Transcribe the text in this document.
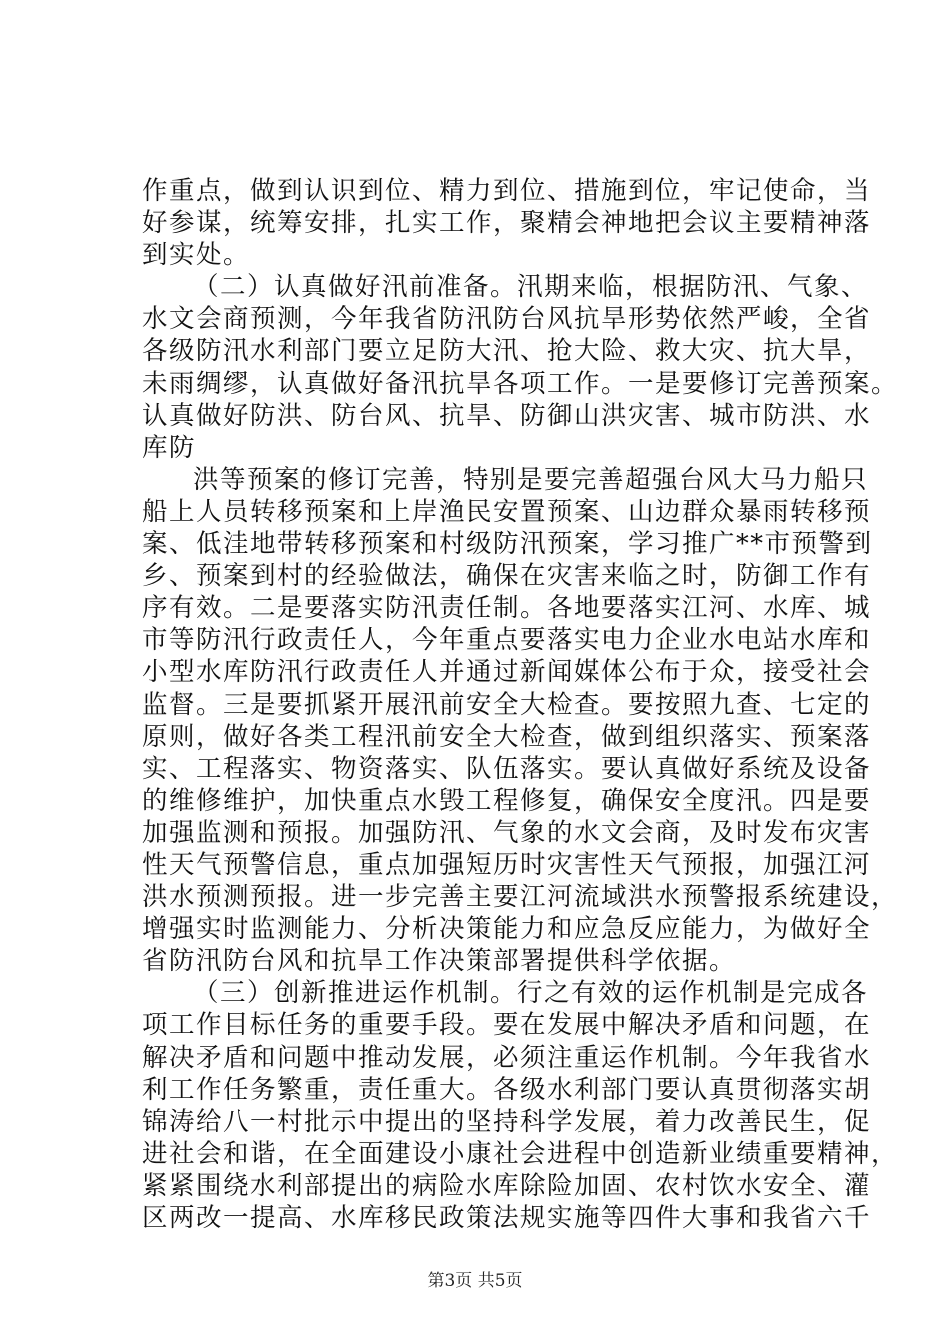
作重点，做到认识到位、精力到位、措施到位，牢记使命，当
好参谋，统筹安排，扎实工作，聚精会神地把会议主要精神落
到实处。

（二）认真做好汛前准备。汛期来临，根据防汛、气象、
水文会商预测，今年我省防汛防台风抗旱形势依然严峻，全省
各级防汛水利部门要立足防大汛、抢大险、救大灾、抗大旱，
未雨绸缪，认真做好备汛抗旱各项工作。一是要修订完善预案。
认真做好防洪、防台风、抗旱、防御山洪灾害、城市防洪、水
库防

洪等预案的修订完善，特别是要完善超强台风大马力船只
船上人员转移预案和上岸渔民安置预案、山边群众暴雨转移预
案、低洼地带转移预案和村级防汛预案，学习推广**市预警到
乡、预案到村的经验做法，确保在灾害来临之时，防御工作有
序有效。二是要落实防汛责任制。各地要落实江河、水库、城
市等防汛行政责任人，今年重点要落实电力企业水电站水库和
小型水库防汛行政责任人并通过新闻媒体公布于众，接受社会
监督。三是要抓紧开展汛前安全大检查。要按照九查、七定的
原则，做好各类工程汛前安全大检查，做到组织落实、预案落
实、工程落实、物资落实、队伍落实。要认真做好系统及设备
的维修维护，加快重点水毁工程修复，确保安全度汛。四是要
加强监测和预报。加强防汛、气象的水文会商，及时发布灾害
性天气预警信息，重点加强短历时灾害性天气预报，加强江河
洪水预测预报。进一步完善主要江河流域洪水预警报系统建设，
增强实时监测能力、分析决策能力和应急反应能力，为做好全
省防汛防台风和抗旱工作决策部署提供科学依据。

（三）创新推进运作机制。行之有效的运作机制是完成各
项工作目标任务的重要手段。要在发展中解决矛盾和问题，在
解决矛盾和问题中推动发展，必须注重运作机制。今年我省水
利工作任务繁重，责任重大。各级水利部门要认真贯彻落实胡
锦涛给八一村批示中提出的坚持科学发展，着力改善民生，促
进社会和谐，在全面建设小康社会进程中创造新业绩重要精神，
紧紧围绕水利部提出的病险水库除险加固、农村饮水安全、灌
区两改一提高、水库移民政策法规实施等四件大事和我省六千

第3页 共5页
